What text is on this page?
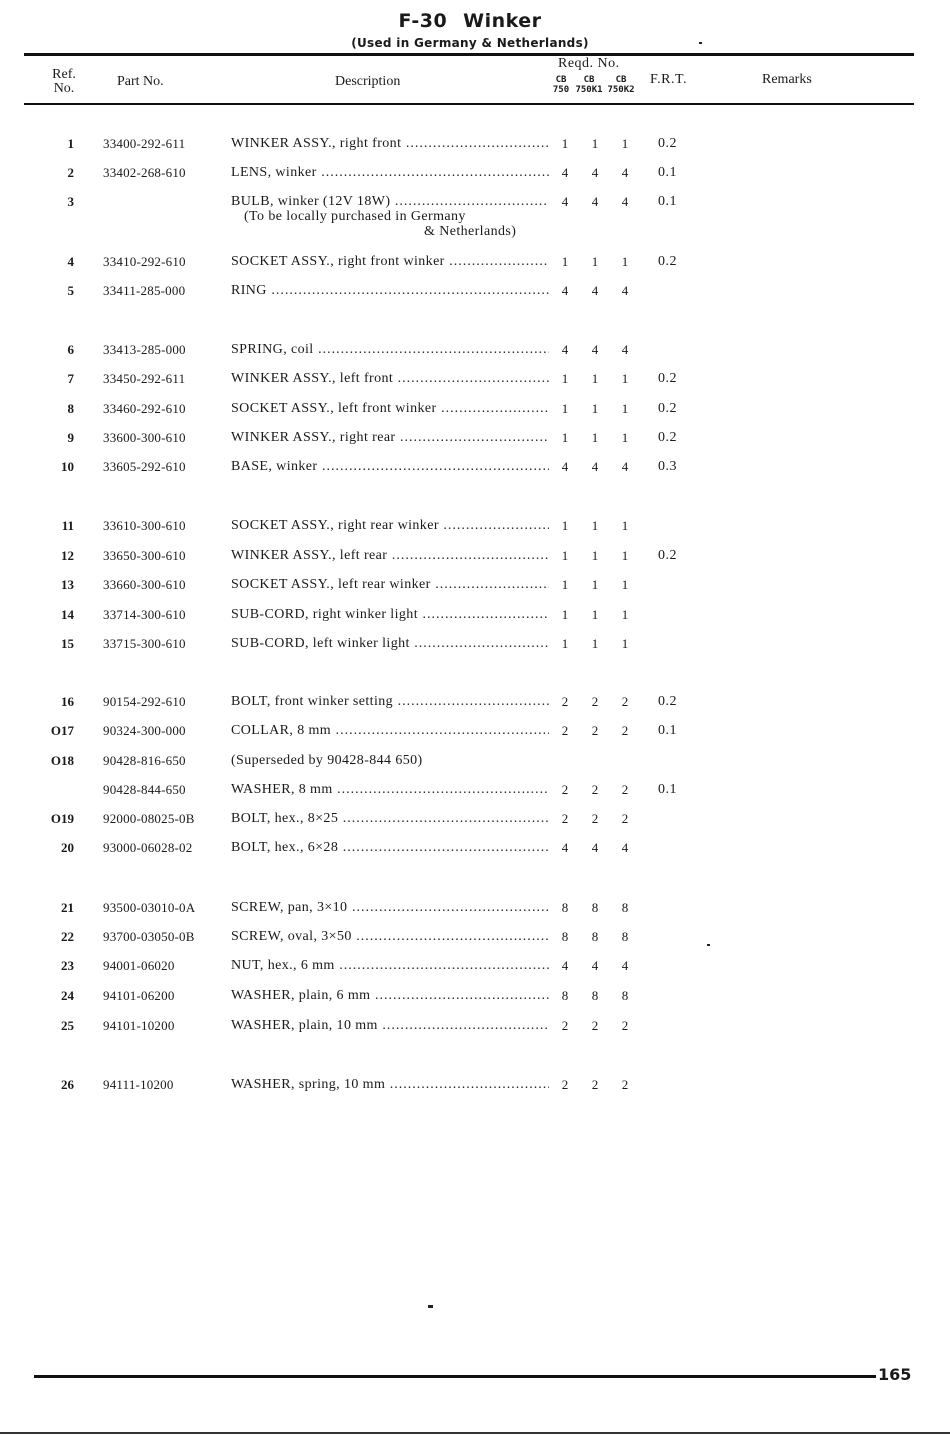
F-30 Winker
(Used in Germany & Netherlands)
Ref.
No.	Part No.	Description
Reqd. No.
CB
750
CB
750K1
CB
750K2
F.R.T.	Remarks
1 33400-292-611	WINKER ASSY., right front .....	1	1	1	0.2
2 33402-268-610	LENS, winker .....	4	4	4	0.1
3	BULB, winker (12V 18W) .....	4	4	4	0.1
4 33410-292-610	SOCKET ASSY., right front winker .....	1	1	1	0.2
5 33411-285-000	RING .....	4	4	4
6 33413-285-000	SPRING, coil .....	4	4	4
7 33450-292-611	WINKER ASSY., left front .....	1	1	1	0.2
8 33460-292-610	SOCKET ASSY., left front winker .....	1	1	1	0.2
9 33600-300-610	WINKER ASSY., right rear .....	1	1	1	0.2
10 33605-292-610	BASE, winker .....	4	4	4	0.3
11 33610-300-610	SOCKET ASSY., right rear winker .....	1	1	1
12 33650-300-610	WINKER ASSY., left rear .....	1	1	1	0.2
13 33660-300-610	SOCKET ASSY., left rear winker .....	1	1	1
14 33714-300-610	SUB-CORD, right winker light .....	1	1	1
15 33715-300-610	SUB-CORD, left winker light .....	1	1	1
16 90154-292-610	BOLT, front winker setting .....	2	2	2	0.2
O17 90324-300-000	COLLAR, 8 mm .....	2	2	2	0.1
O18 90428-816-650	(Superseded by 90428-844 650)
90428-844-650	WASHER, 8 mm .....	2	2	2	0.1
O19 92000-08025-0B	BOLT, hex., 8×25 .....	2	2	2
20 93000-06028-02	BOLT, hex., 6×28 .....	4	4	4
21 93500-03010-0A	SCREW, pan, 3×10 .....	8	8	8
22 93700-03050-0B	SCREW, oval, 3×50 .....	8	8	8
23 94001-06020	NUT, hex., 6 mm .....	4	4	4
24 94101-06200	WASHER, plain, 6 mm .....	8	8	8
25 94101-10200	WASHER, plain, 10 mm .....	2	2	2
26 94111-10200	WASHER, spring, 10 mm .....	2	2	2
(To be locally purchased in Germany
& Netherlands)
165
